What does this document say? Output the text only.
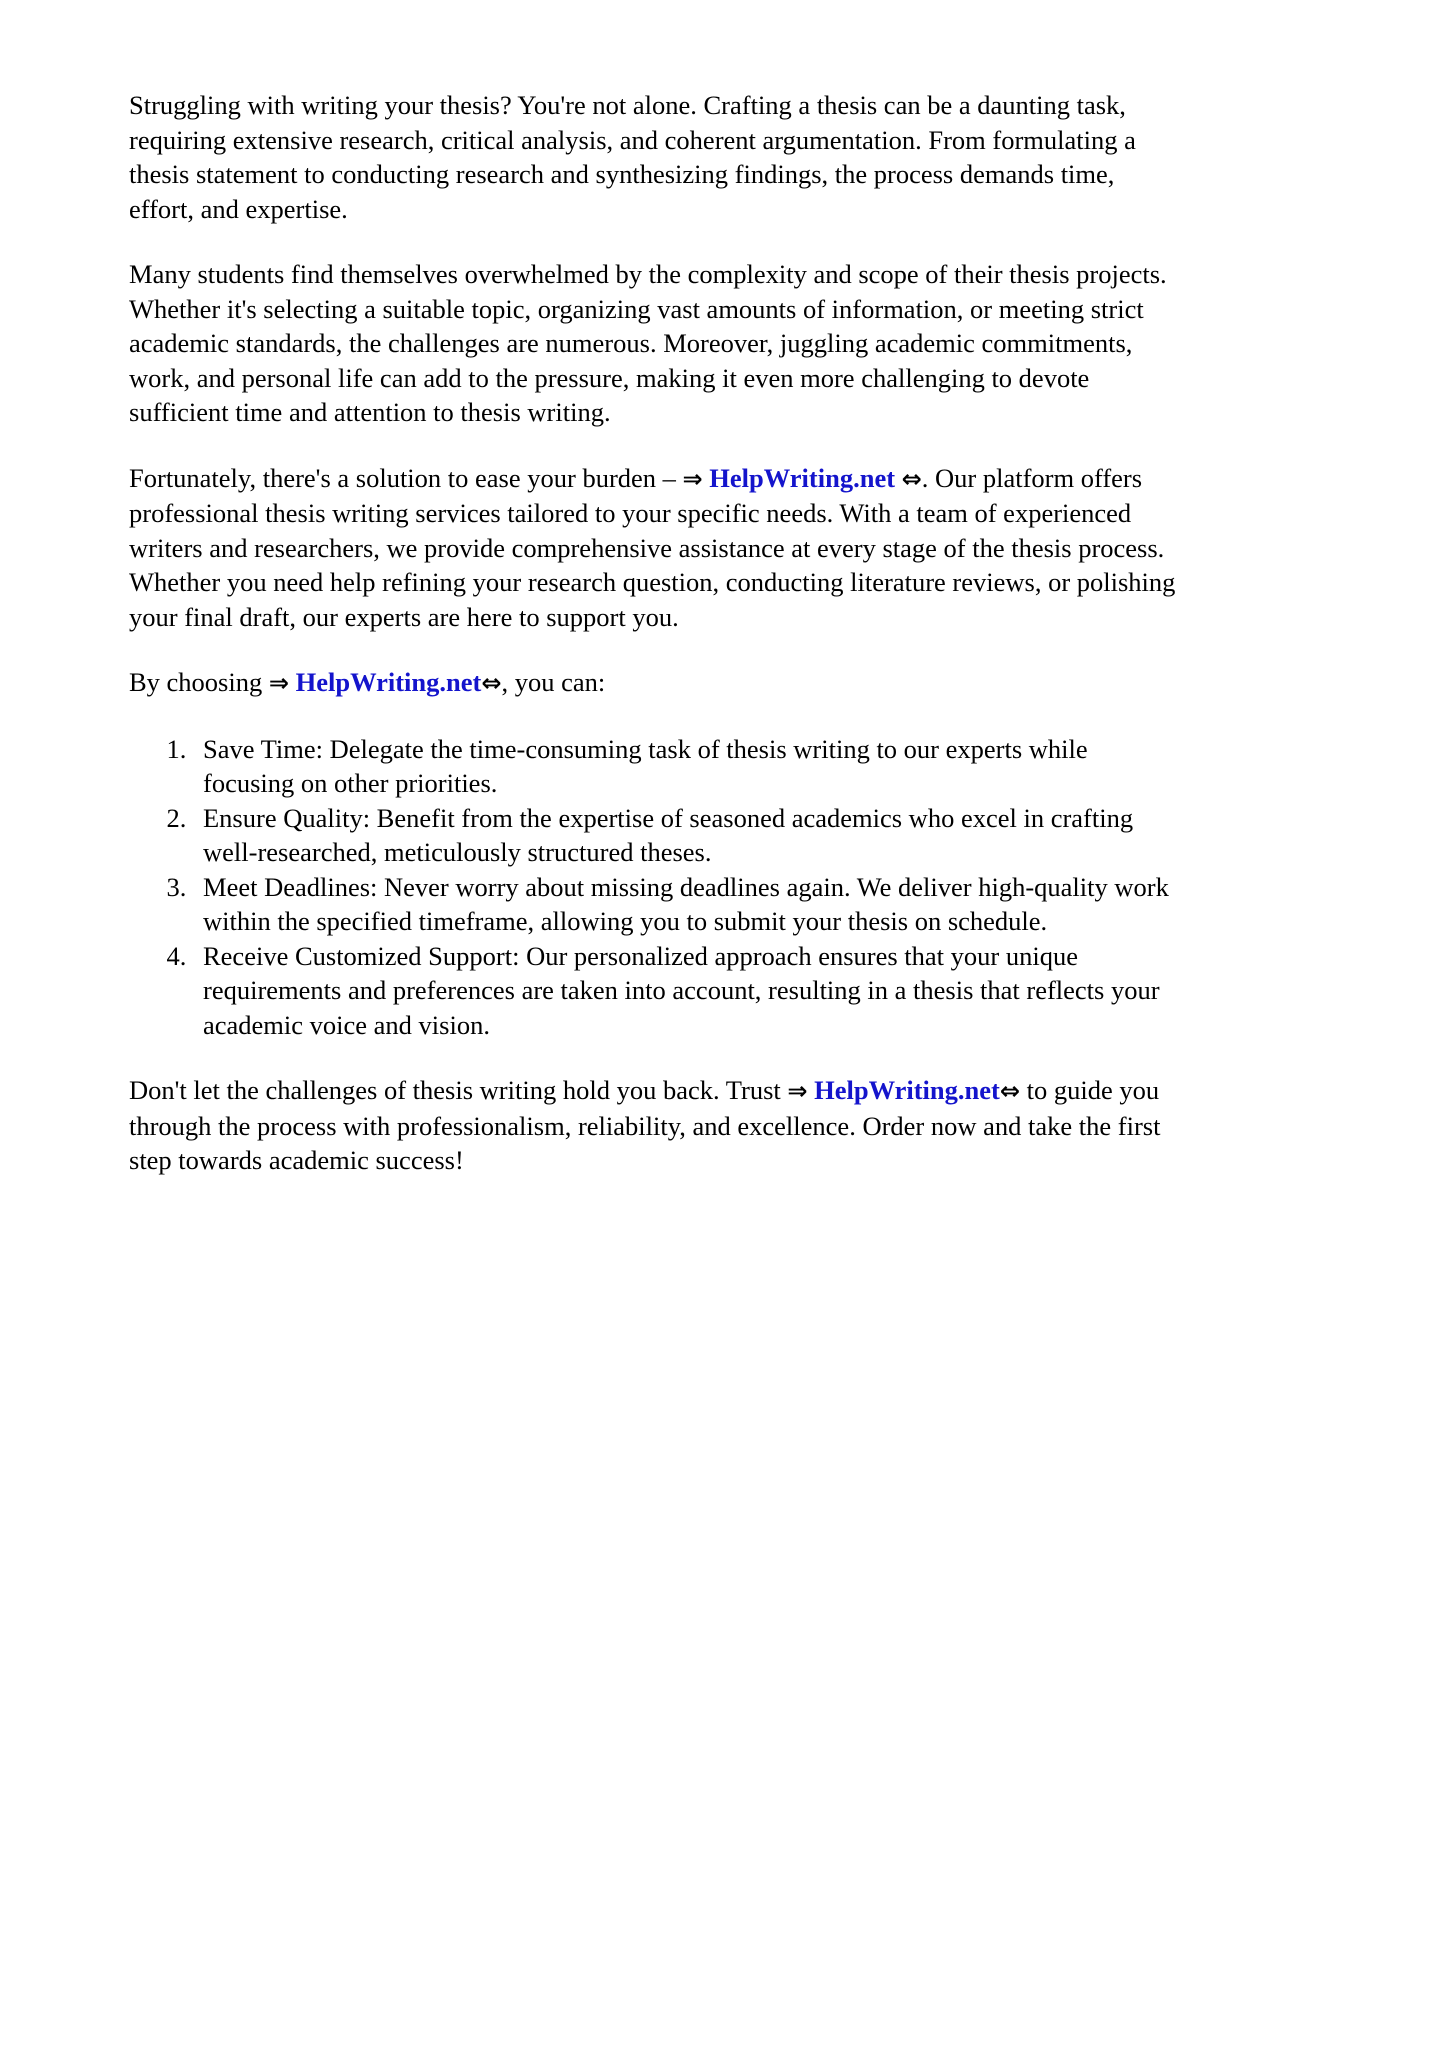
Struggling with writing your thesis? You're not alone. Crafting a thesis can be a daunting task, requiring extensive research, critical analysis, and coherent argumentation. From formulating a thesis statement to conducting research and synthesizing findings, the process demands time, effort, and expertise.

Many students find themselves overwhelmed by the complexity and scope of their thesis projects. Whether it's selecting a suitable topic, organizing vast amounts of information, or meeting strict academic standards, the challenges are numerous. Moreover, juggling academic commitments, work, and personal life can add to the pressure, making it even more challenging to devote sufficient time and attention to thesis writing.

Fortunately, there's a solution to ease your burden – ⇒ HelpWriting.net ⇔. Our platform offers professional thesis writing services tailored to your specific needs. With a team of experienced writers and researchers, we provide comprehensive assistance at every stage of the thesis process. Whether you need help refining your research question, conducting literature reviews, or polishing your final draft, our experts are here to support you.

By choosing ⇒ HelpWriting.net⇔, you can:

1. Save Time: Delegate the time-consuming task of thesis writing to our experts while focusing on other priorities.
2. Ensure Quality: Benefit from the expertise of seasoned academics who excel in crafting well-researched, meticulously structured theses.
3. Meet Deadlines: Never worry about missing deadlines again. We deliver high-quality work within the specified timeframe, allowing you to submit your thesis on schedule.
4. Receive Customized Support: Our personalized approach ensures that your unique requirements and preferences are taken into account, resulting in a thesis that reflects your academic voice and vision.

Don't let the challenges of thesis writing hold you back. Trust ⇒ HelpWriting.net⇔ to guide you through the process with professionalism, reliability, and excellence. Order now and take the first step towards academic success!
